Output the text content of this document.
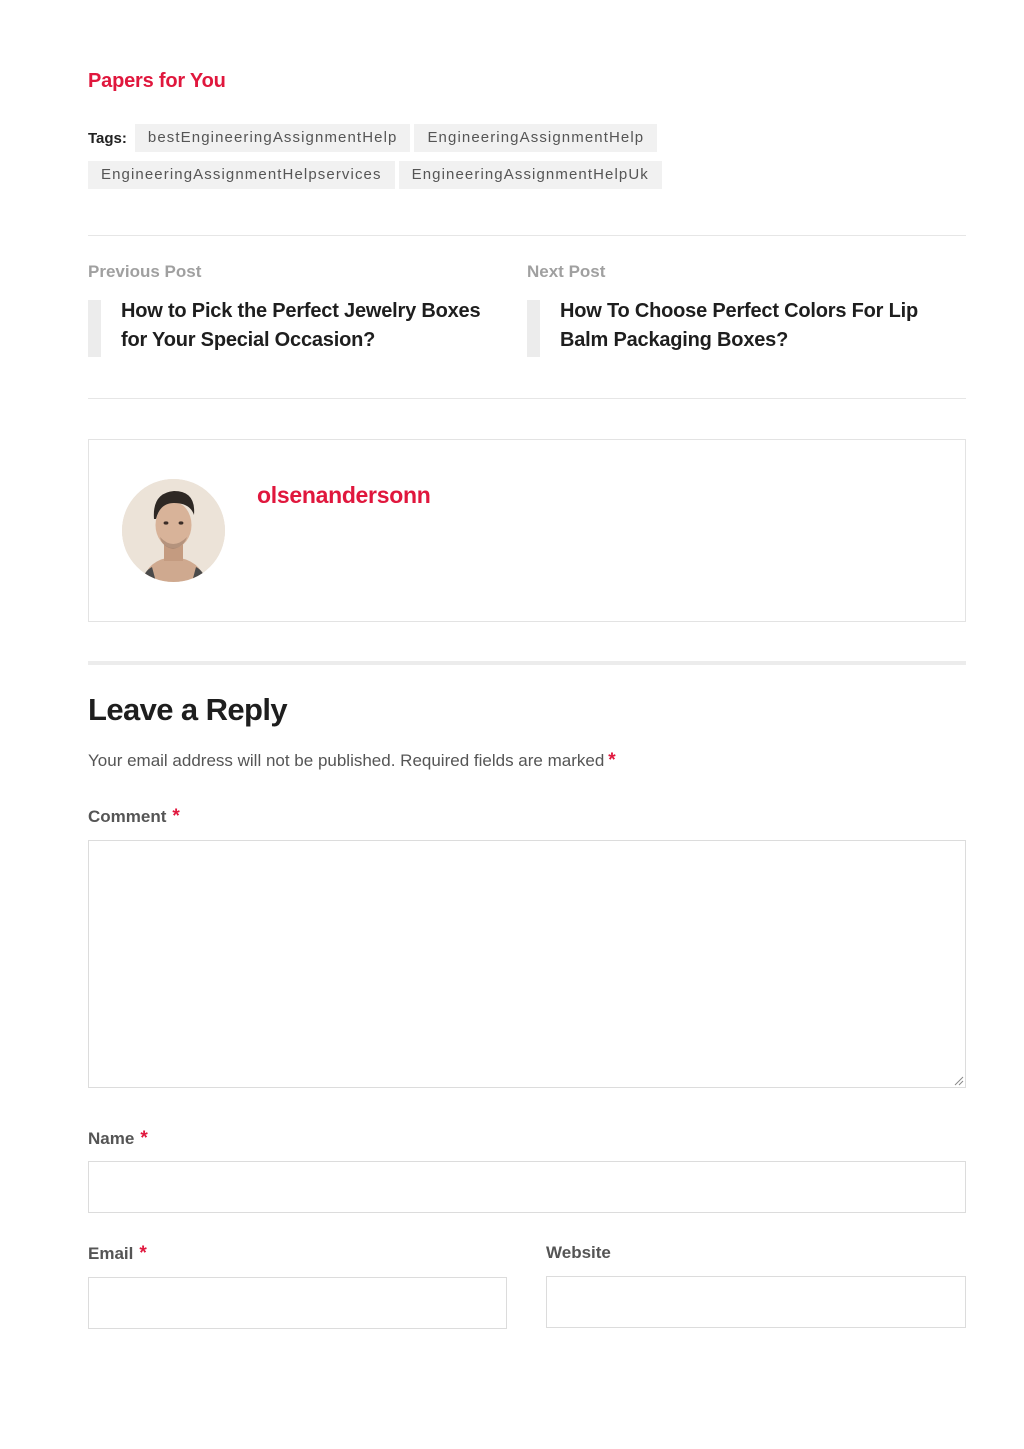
Papers for You
Tags:	bestEngineeringAssignmentHelp	EngineeringAssignmentHelp
EngineeringAssignmentHelpservices	EngineeringAssignmentHelpUk
Previous Post
How to Pick the Perfect Jewelry Boxes for Your Special Occasion?
Next Post
How To Choose Perfect Colors For Lip Balm Packaging Boxes?
olsenandersonn
Leave a Reply

Your email address will not be published. Required fields are marked *

Comment *
Name *
Email *	Website
